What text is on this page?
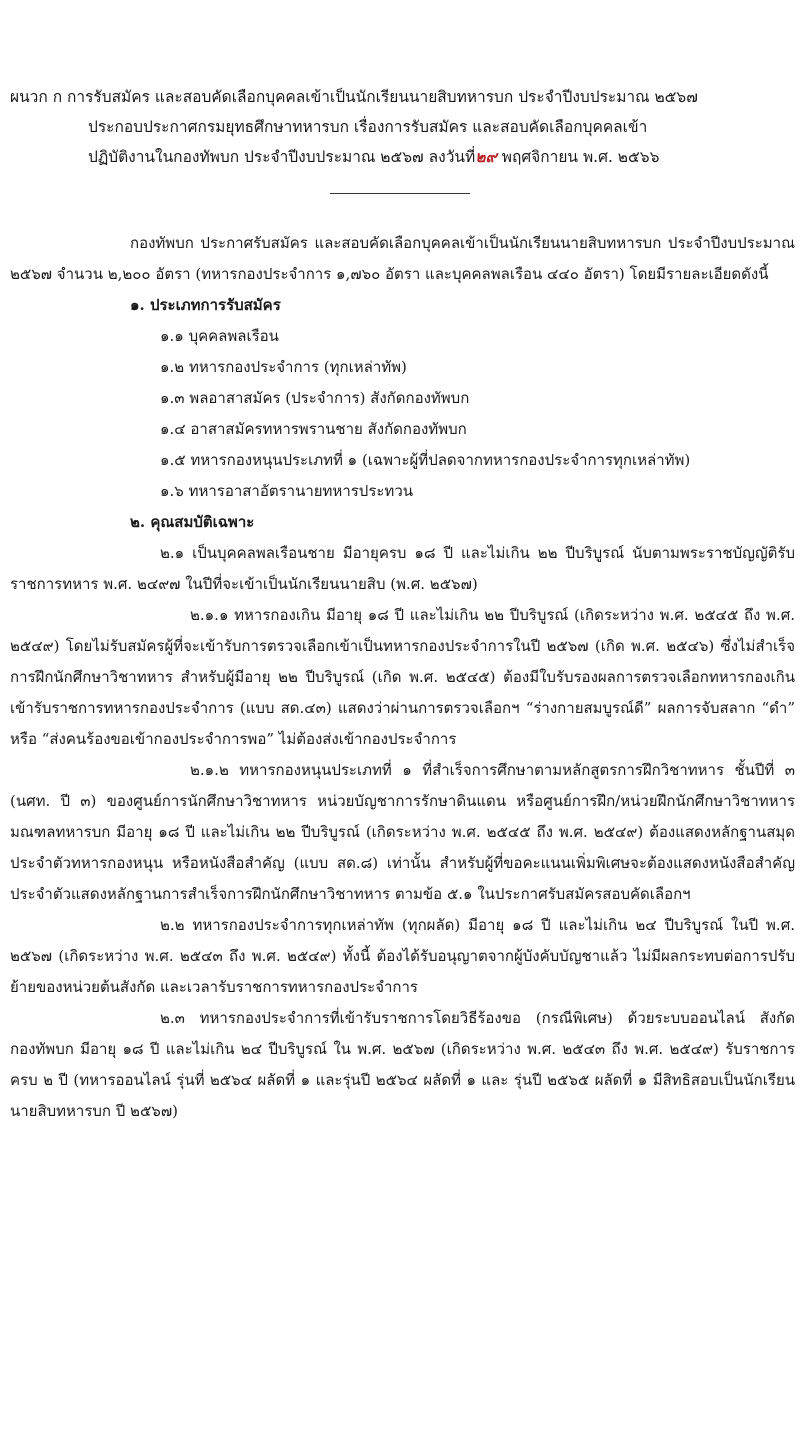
ผนวก ก การรับสมัคร และสอบคัดเลือกบุคคลเข้าเป็นนักเรียนนายสิบทหารบก ประจำปีงบประมาณ ๒๕๖๗
ประกอบประกาศกรมยุทธศึกษาทหารบก เรื่องการรับสมัคร และสอบคัดเลือกบุคคลเข้า
ปฏิบัติงานในกองทัพบก ประจำปีงบประมาณ ๒๕๖๗ ลงวันที่๒๙ พฤศจิกายน พ.ศ. ๒๕๖๖

กองทัพบก ประกาศรับสมัคร และสอบคัดเลือกบุคคลเข้าเป็นนักเรียนนายสิบทหารบก ประจำปีงบประมาณ ๒๕๖๗ จำนวน ๒,๒๐๐ อัตรา (ทหารกองประจำการ ๑,๗๖๐ อัตรา และบุคคลพลเรือน ๔๔๐ อัตรา) โดยมีรายละเอียดดังนี้

๑. ประเภทการรับสมัคร

๑.๑ บุคคลพลเรือน

๑.๒ ทหารกองประจำการ (ทุกเหล่าทัพ)

๑.๓ พลอาสาสมัคร (ประจำการ) สังกัดกองทัพบก

๑.๔ อาสาสมัครทหารพรานชาย สังกัดกองทัพบก

๑.๕ ทหารกองหนุนประเภทที่ ๑ (เฉพาะผู้ที่ปลดจากทหารกองประจำการทุกเหล่าทัพ)

๑.๖ ทหารอาสาอัตรานายทหารประทวน

๒. คุณสมบัติเฉพาะ

๒.๑ เป็นบุคคลพลเรือนชาย มีอายุครบ ๑๘ ปี และไม่เกิน ๒๒ ปีบริบูรณ์ นับตามพระราชบัญญัติรับราชการทหาร พ.ศ. ๒๔๙๗ ในปีที่จะเข้าเป็นนักเรียนนายสิบ (พ.ศ. ๒๕๖๗)

๒.๑.๑ ทหารกองเกิน มีอายุ ๑๘ ปี และไม่เกิน ๒๒ ปีบริบูรณ์ (เกิดระหว่าง พ.ศ. ๒๕๔๕ ถึง พ.ศ. ๒๕๔๙) โดยไม่รับสมัครผู้ที่จะเข้ารับการตรวจเลือกเข้าเป็นทหารกองประจำการในปี ๒๕๖๗ (เกิด พ.ศ. ๒๕๔๖) ซึ่งไม่สำเร็จการฝึกนักศึกษาวิชาทหาร สำหรับผู้มีอายุ ๒๒ ปีบริบูรณ์ (เกิด พ.ศ. ๒๕๔๕) ต้องมีใบรับรองผลการตรวจเลือกทหารกองเกินเข้ารับราชการทหารกองประจำการ (แบบ สด.๔๓) แสดงว่าผ่านการตรวจเลือกฯ “ร่างกายสมบูรณ์ดี” ผลการจับสลาก “ดำ” หรือ “ส่งคนร้องขอเข้ากองประจำการพอ” ไม่ต้องส่งเข้ากองประจำการ

๒.๑.๒ ทหารกองหนุนประเภทที่ ๑ ที่สำเร็จการศึกษาตามหลักสูตรการฝึกวิชาทหาร ชั้นปีที่ ๓ (นศท. ปี ๓) ของศูนย์การนักศึกษาวิชาทหาร หน่วยบัญชาการรักษาดินแดน หรือศูนย์การฝึก/หน่วยฝึกนักศึกษาวิชาทหารมณฑลทหารบก มีอายุ ๑๘ ปี และไม่เกิน ๒๒ ปีบริบูรณ์ (เกิดระหว่าง พ.ศ. ๒๕๔๕ ถึง พ.ศ. ๒๕๔๙) ต้องแสดงหลักฐานสมุดประจำตัวทหารกองหนุน หรือหนังสือสำคัญ (แบบ สด.๘) เท่านั้น สำหรับผู้ที่ขอคะแนนเพิ่มพิเศษจะต้องแสดงหนังสือสำคัญประจำตัวแสดงหลักฐานการสำเร็จการฝึกนักศึกษาวิชาทหาร ตามข้อ ๕.๑ ในประกาศรับสมัครสอบคัดเลือกฯ

๒.๒ ทหารกองประจำการทุกเหล่าทัพ (ทุกผลัด) มีอายุ ๑๘ ปี และไม่เกิน ๒๔ ปีบริบูรณ์ ในปี พ.ศ. ๒๕๖๗ (เกิดระหว่าง พ.ศ. ๒๕๔๓ ถึง พ.ศ. ๒๕๔๙) ทั้งนี้ ต้องได้รับอนุญาตจากผู้บังคับบัญชาแล้ว ไม่มีผลกระทบต่อการปรับย้ายของหน่วยต้นสังกัด และเวลารับราชการทหารกองประจำการ

๒.๓ ทหารกองประจำการที่เข้ารับราชการโดยวิธีร้องขอ (กรณีพิเศษ) ด้วยระบบออนไลน์ สังกัดกองทัพบก มีอายุ ๑๘ ปี และไม่เกิน ๒๔ ปีบริบูรณ์ ใน พ.ศ. ๒๕๖๗ (เกิดระหว่าง พ.ศ. ๒๕๔๓ ถึง พ.ศ. ๒๕๔๙) รับราชการครบ ๒ ปี (ทหารออนไลน์ รุ่นที่ ๒๕๖๔ ผลัดที่ ๑ และรุ่นปี ๒๕๖๔ ผลัดที่ ๑ และ รุ่นปี ๒๕๖๕ ผลัดที่ ๑ มีสิทธิสอบเป็นนักเรียนนายสิบทหารบก ปี ๒๕๖๗)
